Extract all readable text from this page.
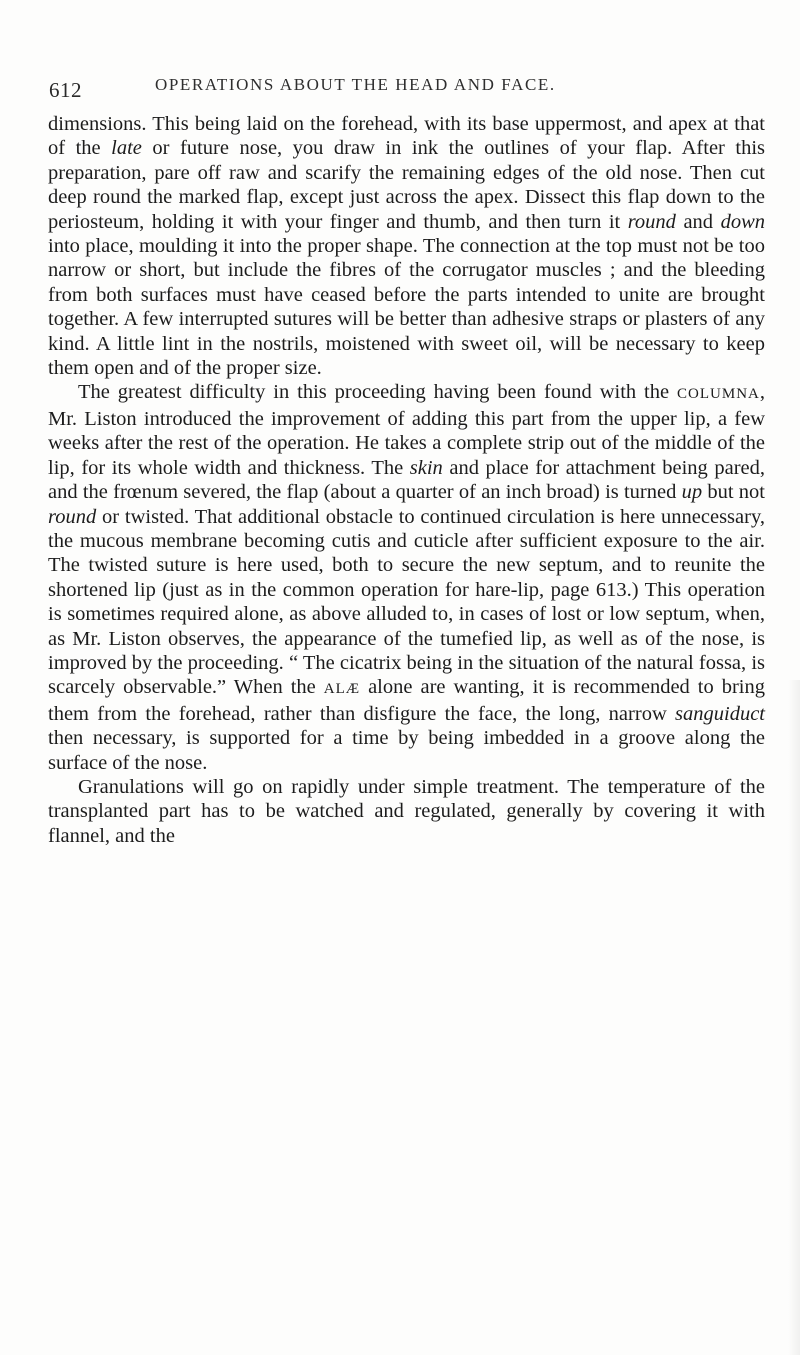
612	OPERATIONS ABOUT THE HEAD AND FACE.

dimensions. This being laid on the forehead, with its base uppermost, and apex at that of the late or future nose, you draw in ink the outlines of your flap. After this preparation, pare off raw and scarify the remaining edges of the old nose. Then cut deep round the marked flap, except just across the apex. Dissect this flap down to the periosteum, holding it with your finger and thumb, and then turn it round and down into place, moulding it into the proper shape. The connection at the top must not be too narrow or short, but include the fibres of the corrugator muscles ; and the bleeding from both surfaces must have ceased before the parts intended to unite are brought together. A few interrupted sutures will be better than adhesive straps or plasters of any kind. A little lint in the nostrils, moistened with sweet oil, will be necessary to keep them open and of the proper size.

The greatest difficulty in this proceeding having been found with the COLUMNA, Mr. Liston introduced the improvement of adding this part from the upper lip, a few weeks after the rest of the operation. He takes a complete strip out of the middle of the lip, for its whole width and thickness. The skin and place for attachment being pared, and the frœnum severed, the flap (about a quarter of an inch broad) is turned up but not round or twisted. That additional obstacle to continued circulation is here unnecessary, the mucous membrane becoming cutis and cuticle after sufficient exposure to the air. The twisted suture is here used, both to secure the new septum, and to reunite the shortened lip (just as in the common operation for hare-lip, page 613.) This operation is sometimes required alone, as above alluded to, in cases of lost or low septum, when, as Mr. Liston observes, the appearance of the tumefied lip, as well as of the nose, is improved by the proceeding. “ The cicatrix being in the situation of the natural fossa, is scarcely observable.” When the ALÆ alone are wanting, it is recommended to bring them from the forehead, rather than disfigure the face, the long, narrow sanguiduct then necessary, is supported for a time by being imbedded in a groove along the surface of the nose.

Granulations will go on rapidly under simple treatment. The temperature of the transplanted part has to be watched and regulated, generally by covering it with flannel, and the
